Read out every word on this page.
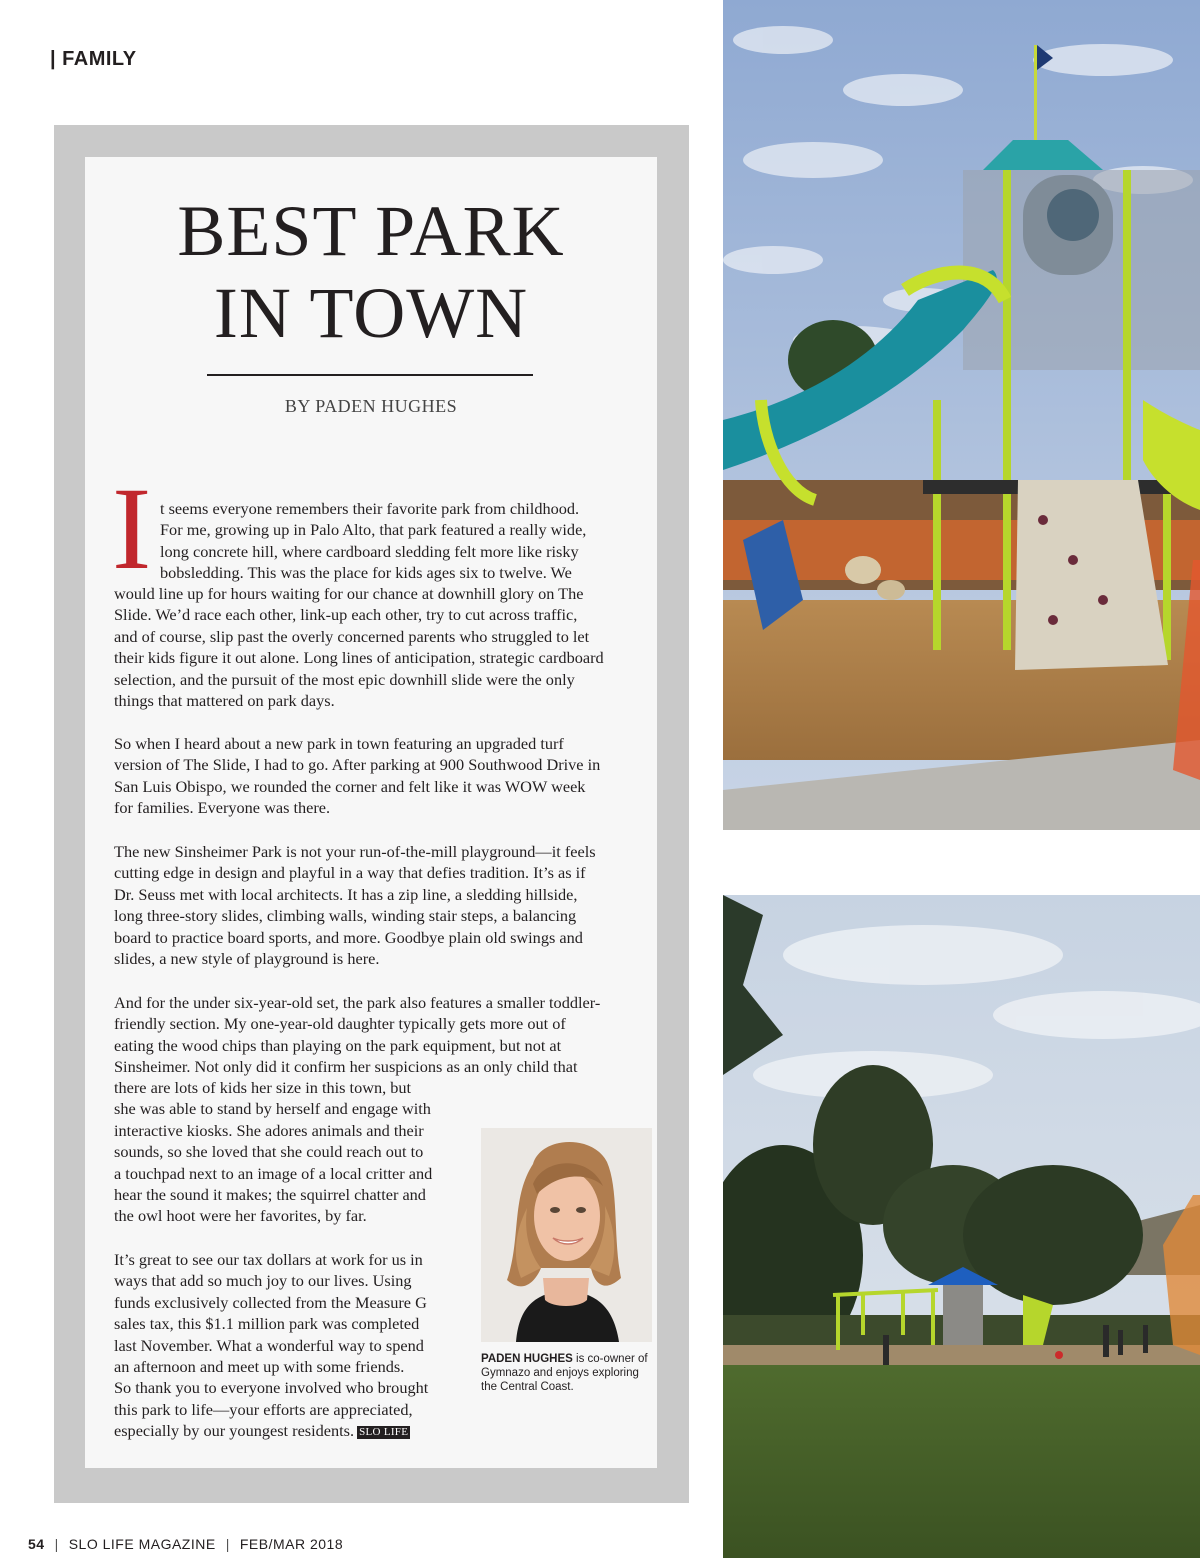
| FAMILY
BEST PARK
IN TOWN
BY PADEN HUGHES
I t seems everyone remembers their favorite park from childhood.
For me, growing up in Palo Alto, that park featured a really wide,
long concrete hill, where cardboard sledding felt more like risky
bobsledding. This was the place for kids ages six to twelve. We

would line up for hours waiting for our chance at downhill glory on The
Slide. We’d race each other, link-up each other, try to cut across traffic,
and of course, slip past the overly concerned parents who struggled to let
their kids figure it out alone. Long lines of anticipation, strategic cardboard
selection, and the pursuit of the most epic downhill slide were the only
things that mattered on park days.

So when I heard about a new park in town featuring an upgraded turf
version of The Slide, I had to go. After parking at 900 Southwood Drive in
San Luis Obispo, we rounded the corner and felt like it was WOW week
for families. Everyone was there.

The new Sinsheimer Park is not your run-of-the-mill playground—it feels
cutting edge in design and playful in a way that defies tradition. It’s as if
Dr. Seuss met with local architects. It has a zip line, a sledding hillside,
long three-story slides, climbing walls, winding stair steps, a balancing
board to practice board sports, and more. Goodbye plain old swings and
slides, a new style of playground is here.

And for the under six-year-old set, the park also features a smaller toddler-
friendly section. My one-year-old daughter typically gets more out of
eating the wood chips than playing on the park equipment, but not at
Sinsheimer. Not only did it confirm her suspicions as an only child that

there are lots of kids her size in this town, but
she was able to stand by herself and engage with
interactive kiosks. She adores animals and their
sounds, so she loved that she could reach out to
a touchpad next to an image of a local critter and
hear the sound it makes; the squirrel chatter and
the owl hoot were her favorites, by far.

It’s great to see our tax dollars at work for us in
ways that add so much joy to our lives. Using
funds exclusively collected from the Measure G
sales tax, this $1.1 million park was completed
last November. What a wonderful way to spend
an afternoon and meet up with some friends.
So thank you to everyone involved who brought
this park to life—your efforts are appreciated,
especially by our youngest residents. SLO LIFE

PADEN HUGHES is co-owner of Gymnazo and enjoys exploring the Central Coast.
54 | SLO LIFE MAGAZINE | FEB/MAR 2018
